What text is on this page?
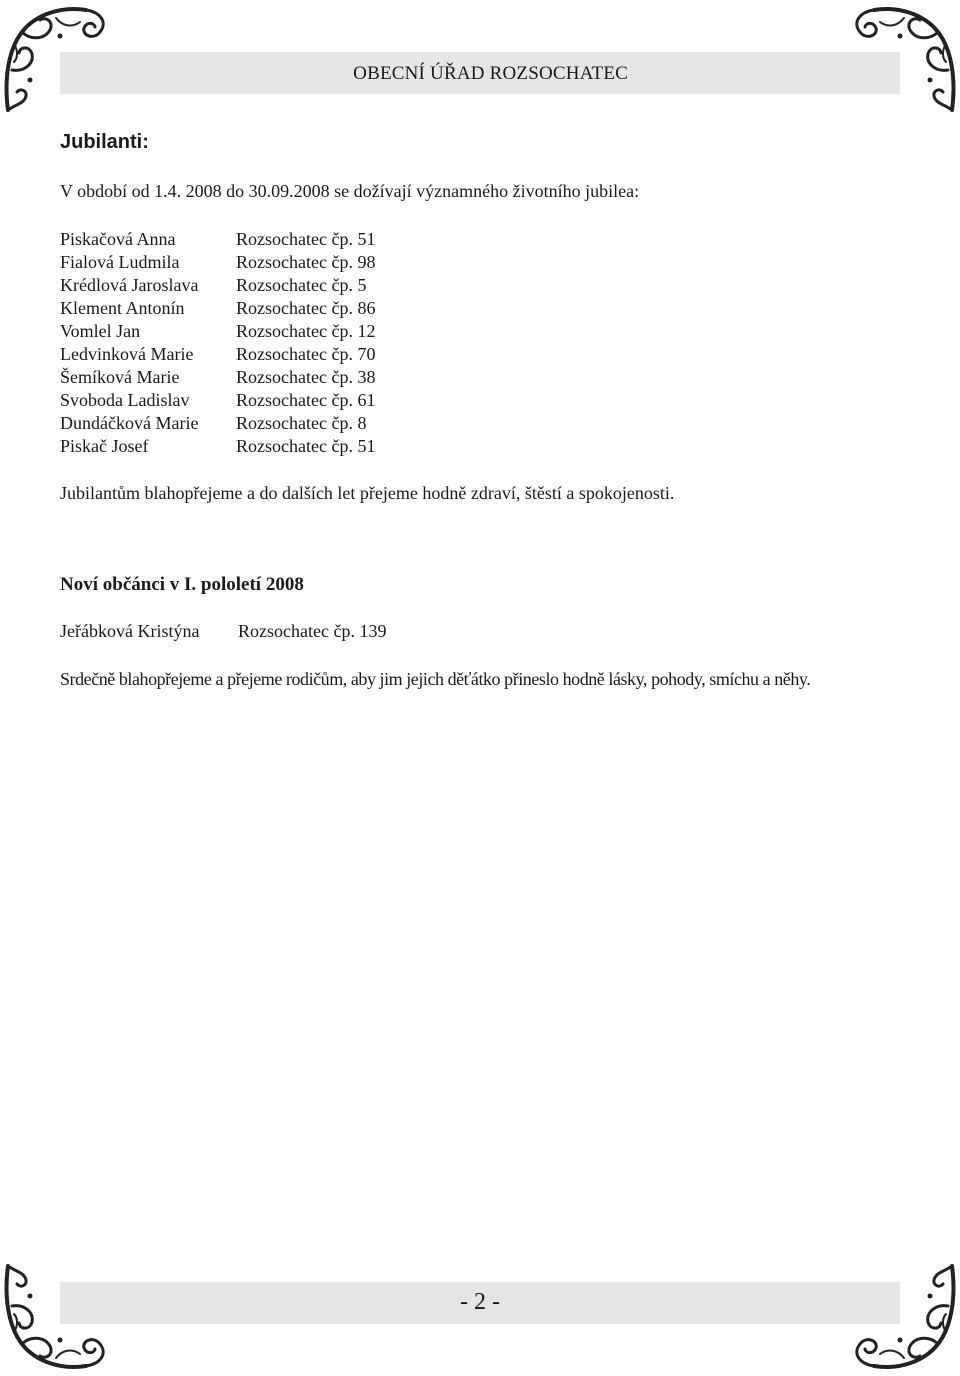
OBECNÍ ÚŘAD ROZSOCHATEC
Jubilanti:
V období od 1.4. 2008 do 30.09.2008 se dožívají významného životního jubilea:
Piskačová Anna	Rozsochatec čp. 51
Fialová Ludmila	Rozsochatec čp. 98
Krédlová Jaroslava	Rozsochatec čp. 5
Klement Antonín	Rozsochatec čp. 86
Vomlel Jan	Rozsochatec čp. 12
Ledvinková Marie	Rozsochatec čp. 70
Šemíková Marie	Rozsochatec čp. 38
Svoboda Ladislav	Rozsochatec čp. 61
Dundáčková Marie	Rozsochatec čp. 8
Piskač Josef	Rozsochatec čp. 51
Jubilantům blahopřejeme a do dalších let přejeme hodně zdraví, štěstí a spokojenosti.
Noví občánci v I. pololetí 2008
Jeřábková Kristýna	Rozsochatec čp. 139
Srdečně blahopřejeme a přejeme rodičům, aby jim jejich děťátko přineslo hodně lásky, pohody, smíchu a něhy.
- 2 -
